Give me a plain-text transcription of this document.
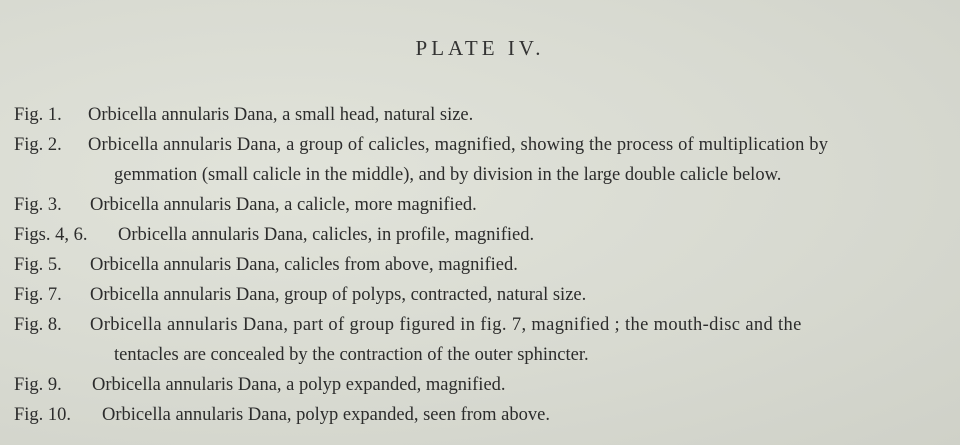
PLATE IV.
Fig. 1. Orbicella annularis Dana, a small head, natural size.
Fig. 2. Orbicella annularis Dana, a group of calicles, magnified, showing the process of multiplication by
gemmation (small calicle in the middle), and by division in the large double calicle below.
Fig. 3. Orbicella annularis Dana, a calicle, more magnified.
Figs. 4, 6. Orbicella annularis Dana, calicles, in profile, magnified.
Fig. 5. Orbicella annularis Dana, calicles from above, magnified.
Fig. 7. Orbicella annularis Dana, group of polyps, contracted, natural size.
Fig. 8. Orbicella annularis Dana, part of group figured in fig. 7, magnified ; the mouth-disc and the
tentacles are concealed by the contraction of the outer sphincter.
Fig. 9. Orbicella annularis Dana, a polyp expanded, magnified.
Fig. 10. Orbicella annularis Dana, polyp expanded, seen from above.
